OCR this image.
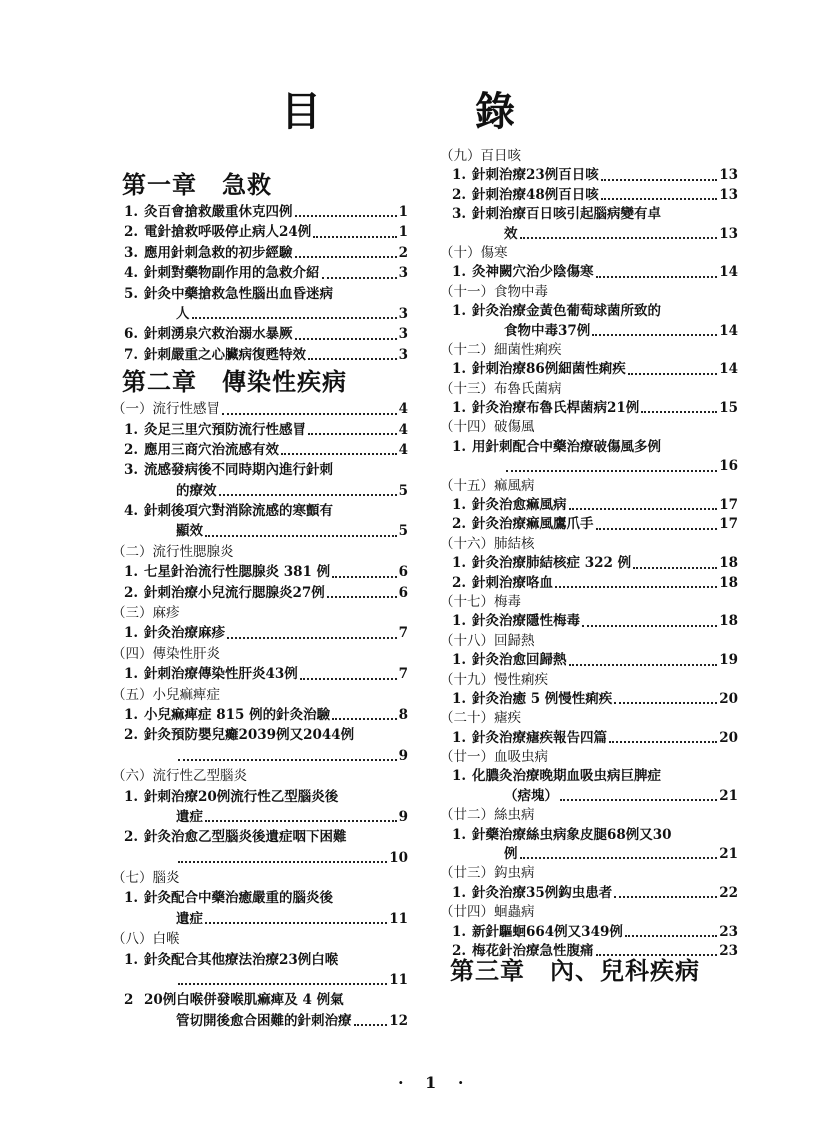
目 錄
第一章　急救
1. 灸百會搶救嚴重休克四例	1
2. 電針搶救呼吸停止病人24例	1
3. 應用針刺急救的初步經驗	2
4. 針刺對藥物副作用的急救介紹	3
5. 針灸中藥搶救急性腦出血昏迷病
人	3
6. 針刺湧泉穴救治溺水暴厥	3
7. 針刺嚴重之心臟病復甦特效	3
第二章　傳染性疾病
（一）流行性感冒	4
1. 灸足三里穴預防流行性感冒	4
2. 應用三商穴治流感有效	4
3. 流感發病後不同時期內進行針刺
的療效	5
4. 針刺後項穴對消除流感的寒顫有
顯效	5
（二）流行性腮腺炎
1. 七星針治流行性腮腺炎 381 例	6
2. 針刺治療小兒流行腮腺炎27例	6
（三）麻疹
1. 針灸治療麻疹	7
（四）傳染性肝炎
1. 針刺治療傳染性肝炎43例	7
（五）小兒痲痺症
1. 小兒痲痺症 815 例的針灸治驗	8
2. 針灸預防嬰兒癱2039例又2044例
9
（六）流行性乙型腦炎
1. 針刺治療20例流行性乙型腦炎後
遺症	9
2. 針灸治愈乙型腦炎後遺症咽下困難
10
（七）腦炎
1. 針灸配合中藥治癒嚴重的腦炎後
遺症	11
（八）白喉
1. 針灸配合其他療法治療23例白喉
11
2 20例白喉併發喉肌痲痺及 4 例氣
管切開後愈合困難的針刺治療	12
（九）百日咳
1. 針刺治療23例百日咳	13
2. 針刺治療48例百日咳	13
3. 針刺治療百日咳引起腦病變有卓
效	13
（十）傷寒
1. 灸神闕穴治少陰傷寒	14
（十一）食物中毒
1. 針灸治療金黃色葡萄球菌所致的
食物中毒37例	14
（十二）細菌性痢疾
1. 針刺治療86例細菌性痢疾	14
（十三）布魯氏菌病
1. 針灸治療布魯氏桿菌病21例	15
（十四）破傷風
1. 用針刺配合中藥治療破傷風多例
16
（十五）痲風病
1. 針灸治愈痲風病	17
2. 針灸治療痲風鷹爪手	17
（十六）肺結核
1. 針灸治療肺結核症 322 例	18
2. 針刺治療咯血	18
（十七）梅毒
1. 針灸治療隱性梅毒	18
（十八）回歸熱
1. 針灸治愈回歸熱	19
（十九）慢性痢疾
1. 針灸治癒 5 例慢性痢疾	20
（二十）瘧疾
1. 針灸治療瘧疾報告四篇	20
（廿一）血吸虫病
1. 化膿灸治療晚期血吸虫病巨脾症
（痞塊）	21
（廿二）絲虫病
1. 針藥治療絲虫病象皮腿68例又30
例	21
（廿三）鈎虫病
1. 針灸治療35例鈎虫患者	22
（廿四）蛔蟲病
1. 新針驅蛔664例又349例	23
2. 梅花針治療急性腹痛	23
第三章　內、兒科疾病
· 1 ·
